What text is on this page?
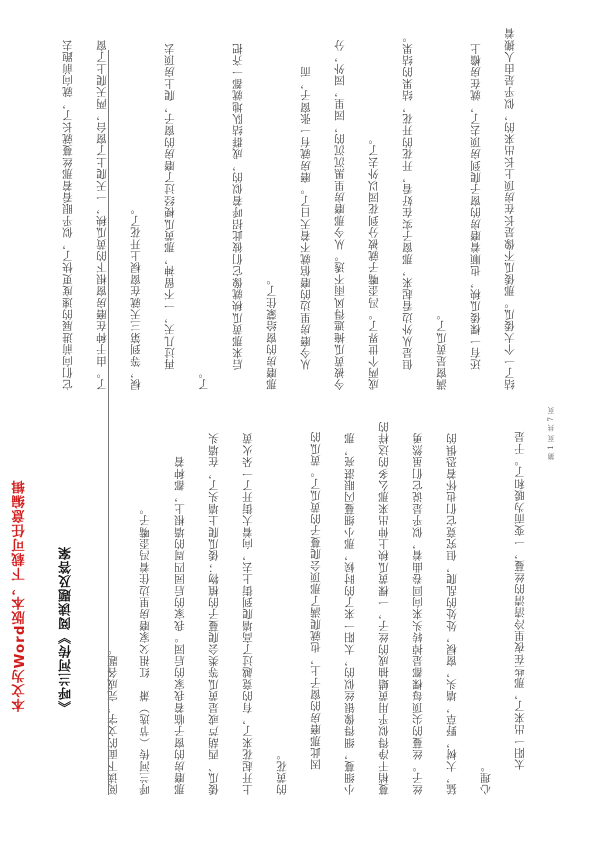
本文为Word版本，下载可任意编辑 《呼兰河传》阅读题及答案
阅读下面的文字，完成各题。 呼兰河传（节选）萧　红祖父家磨房里边住着冯歪嘴子。 那磨房的窗子临着我家的后园。我家的后园四周的墙根上，都种着 倭瓜、西葫芦或是黄瓜等类会爬蔓子的植物；倭瓜爬上墙头了，在墙头 上开起花来了，有的竟越过了高墙爬到街上去，向着大街开了一朵火黄 的黄花。
因此那磨房的窗子上，也就爬满了那顶会爬蔓子的黄瓜了。黄瓜的 小细蔓，细得像银丝似的，太阳一来了的时候，那小细蔓闪眼湛亮，那 蔓梢干净得似乎用黄蜡抽成的丝子，一棵黄瓜秧上伸出来那么多的这样的 丝子。丝蔓的尖顶每棵都是掉转头来向回卷曲着，似乎是说它们虽然勇 猛，大树，野草，墙头，窗棂，处处的乱爬，但究竟它们也怀着恐惧的 心理。
太阳一出来了，那些在夜里冷清清的丝蔓，一变而为暖和了。于是
它们向前进展的速度更快了，似乎眼看着那丝蔓就长了，就向前跑去 了。由于种在磨房窗根下的黄瓜秧，一天爬上了窗台，两天爬上了窗 棂，等到第三天就在窗棂上开花了。 再过几天，一不留神，那黄瓜梗经过了磨房的窗子，爬上房顶去
了。
后来那黄瓜秧就像它们彼此招呼着似的，成群结队地就都一齐把 那磨房的窗给蒙住了。 从今磨房里边的磨倌就不着天日了。磨房就有一张窗子，而 今被黄瓜掩遮得风雨不透。从今那磨房里黑沉沉的，园里，园外，分 成两个世界了。冯歪嘴子就被分到花园以外去了。 但是从外边看起来，那窗子实在好看，开花的开花，结果的结果。 满窗是黄瓜了。 还有一棵倭瓜秧，也顺着磨房的窗子爬到房顶去了，就在房檐上 结了一个大倭瓜。那倭瓜不像是长在房顶上长出来的，似乎是由人搬着
第 1 页 共 7 页
